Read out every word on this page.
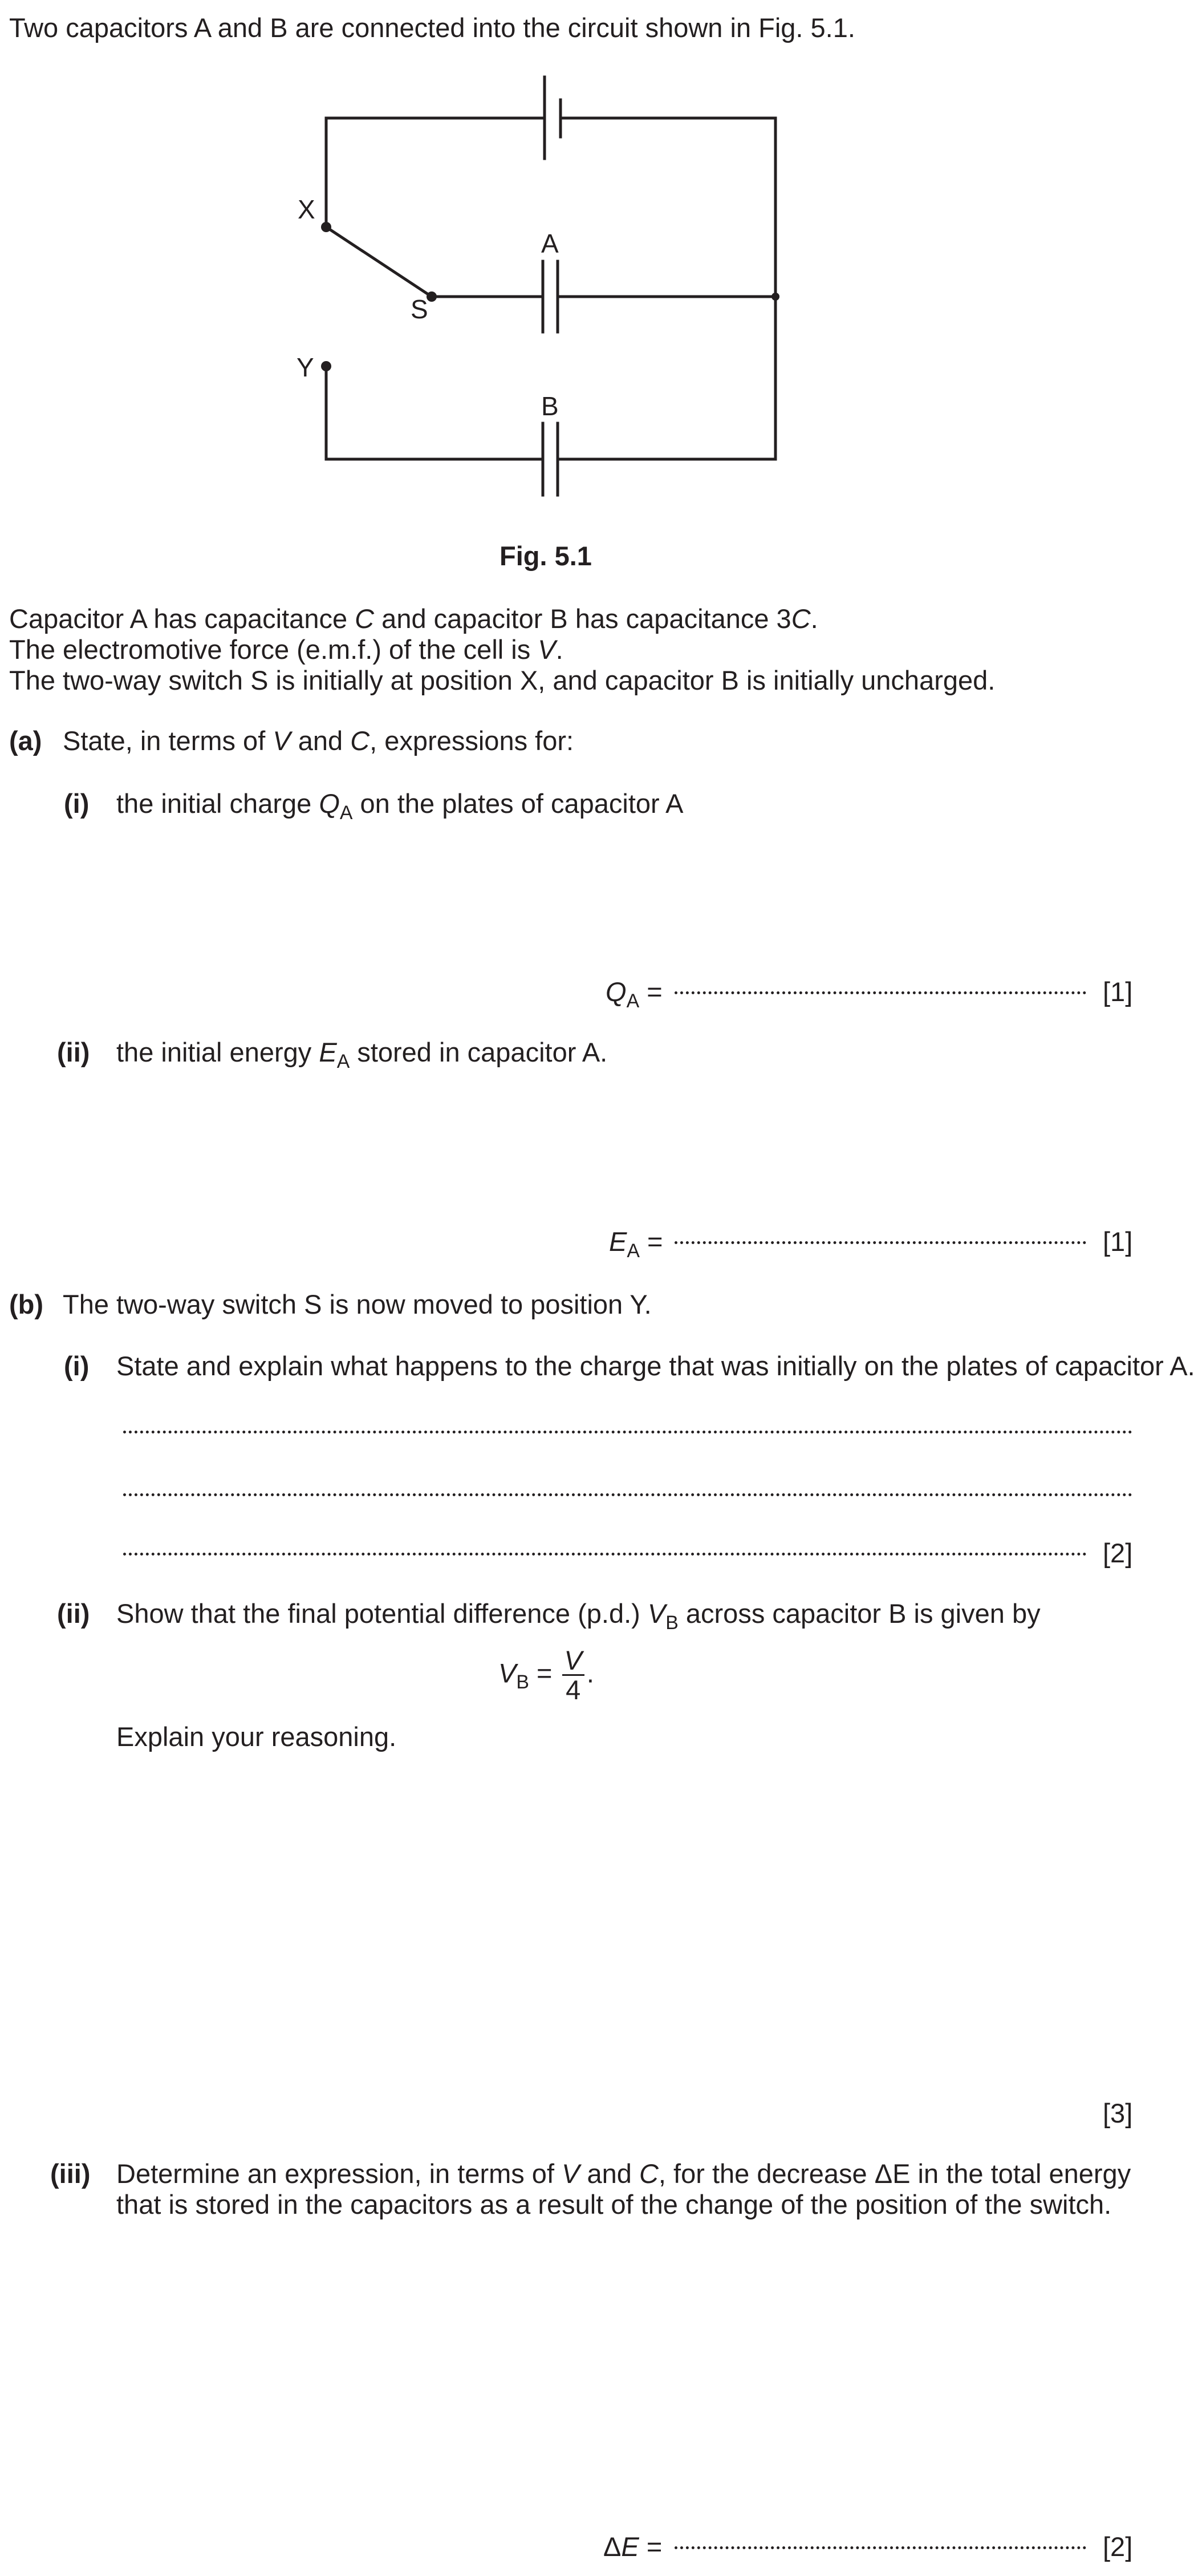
Two capacitors A and B are connected into the circuit shown in Fig. 5.1.
X
S
Y
A
B
Fig. 5.1
Capacitor A has capacitance C and capacitor B has capacitance 3C.
The electromotive force (e.m.f.) of the cell is V.
The two-way switch S is initially at position X, and capacitor B is initially uncharged.
(a) State, in terms of V and C, expressions for:
(i) the initial charge $Q_A$ on the plates of capacitor A
$Q_A$ =	[1]
(ii) the initial energy $E_A$ stored in capacitor A.
$E_A$ =	[1]
(b) The two-way switch S is now moved to position Y.
(i) State and explain what happens to the charge that was initially on the plates of capacitor A.
[2]
(ii) Show that the final potential difference (p.d.) $V_B$ across capacitor B is given by
$V_B = \frac{V}{4}$ .
Explain your reasoning.
[3]
(iii) Determine an expression, in terms of V and C, for the decrease ΔE in the total energy
that is stored in the capacitors as a result of the change of the position of the switch.
ΔE =	[2]
